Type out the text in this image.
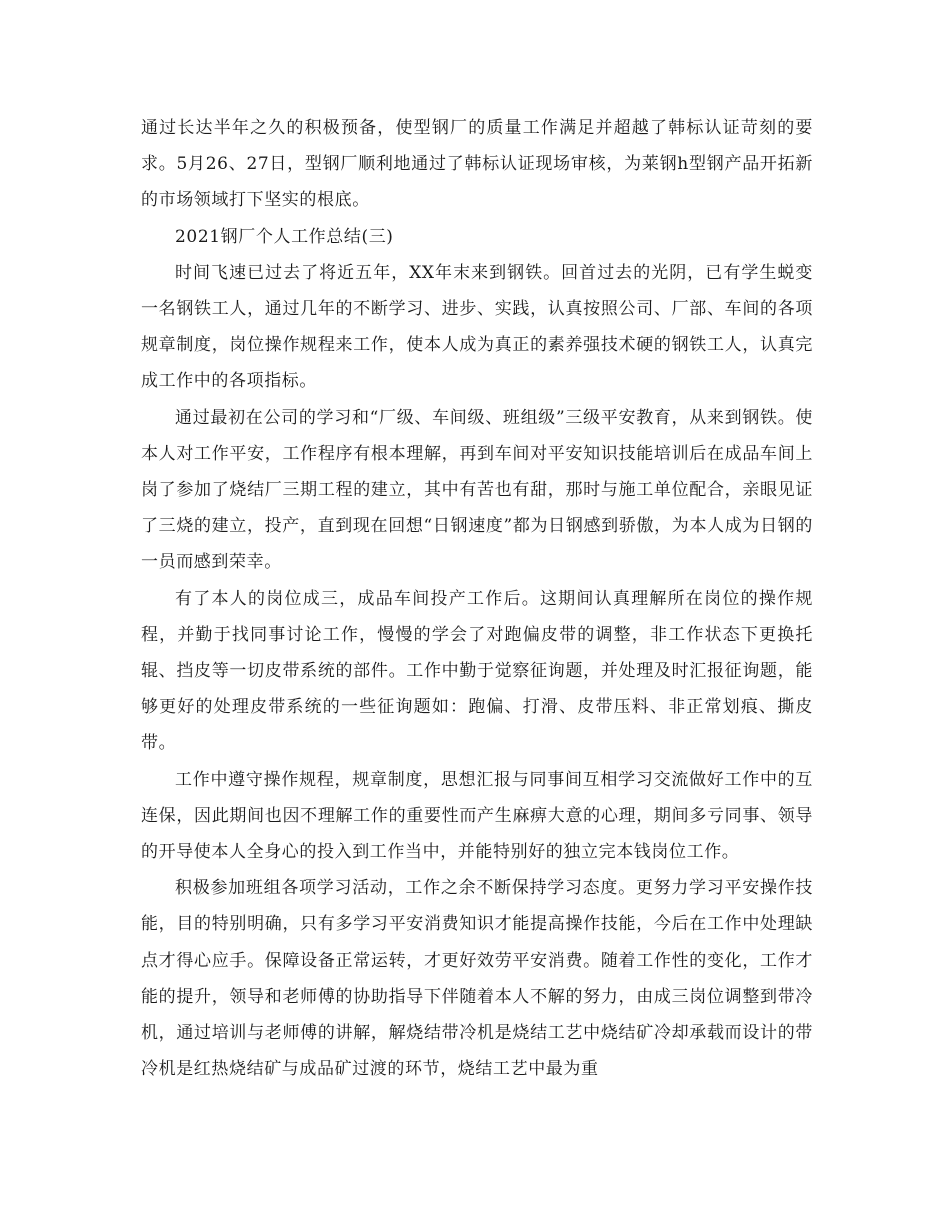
通过长达半年之久的积极预备，使型钢厂的质量工作满足并超越了韩标认证苛刻的要求。5月26、27日，型钢厂顺利地通过了韩标认证现场审核，为莱钢h型钢产品开拓新的市场领域打下坚实的根底。

2021钢厂个人工作总结(三)

时间飞速已过去了将近五年，XX年末来到钢铁。回首过去的光阴，已有学生蜕变一名钢铁工人，通过几年的不断学习、进步、实践，认真按照公司、厂部、车间的各项规章制度，岗位操作规程来工作，使本人成为真正的素养强技术硬的钢铁工人，认真完成工作中的各项指标。

通过最初在公司的学习和“厂级、车间级、班组级”三级平安教育，从来到钢铁。使本人对工作平安，工作程序有根本理解，再到车间对平安知识技能培训后在成品车间上岗了参加了烧结厂三期工程的建立，其中有苦也有甜，那时与施工单位配合，亲眼见证了三烧的建立，投产，直到现在回想“日钢速度”都为日钢感到骄傲，为本人成为日钢的一员而感到荣幸。

有了本人的岗位成三，成品车间投产工作后。这期间认真理解所在岗位的操作规程，并勤于找同事讨论工作，慢慢的学会了对跑偏皮带的调整，非工作状态下更换托辊、挡皮等一切皮带系统的部件。工作中勤于觉察征询题，并处理及时汇报征询题，能够更好的处理皮带系统的一些征询题如：跑偏、打滑、皮带压料、非正常划痕、撕皮带。

工作中遵守操作规程，规章制度，思想汇报与同事间互相学习交流做好工作中的互连保，因此期间也因不理解工作的重要性而产生麻痹大意的心理，期间多亏同事、领导的开导使本人全身心的投入到工作当中，并能特别好的独立完本钱岗位工作。

积极参加班组各项学习活动，工作之余不断保持学习态度。更努力学习平安操作技能，目的特别明确，只有多学习平安消费知识才能提高操作技能，今后在工作中处理缺点才得心应手。保障设备正常运转，才更好效劳平安消费。随着工作性的变化，工作才能的提升，领导和老师傅的协助指导下伴随着本人不解的努力，由成三岗位调整到带冷机，通过培训与老师傅的讲解，解烧结带冷机是烧结工艺中烧结矿冷却承载而设计的带冷机是红热烧结矿与成品矿过渡的环节，烧结工艺中最为重
